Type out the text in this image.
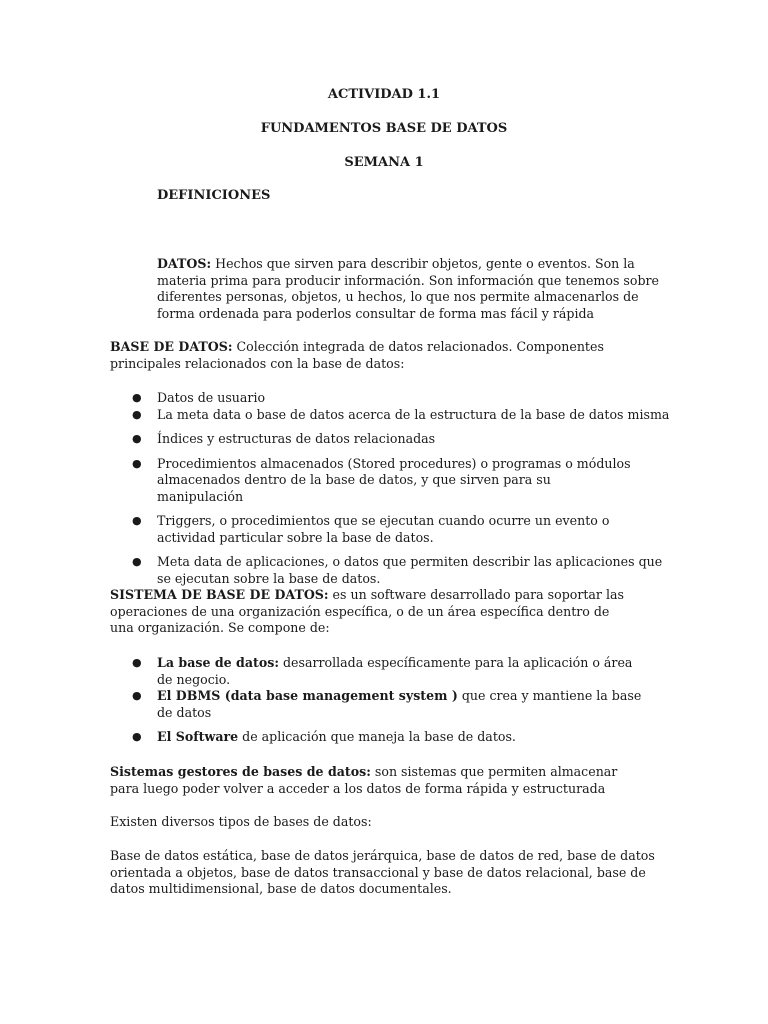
ACTIVIDAD 1.1
FUNDAMENTOS BASE DE DATOS
SEMANA 1
DEFINICIONES

DATOS: Hechos que sirven para describir objetos, gente o eventos. Son la materia prima para producir información. Son información que tenemos sobre diferentes personas, objetos, u hechos, lo que nos permite almacenarlos de forma ordenada para poderlos consultar de forma mas fácil y rápida

BASE DE DATOS: Colección integrada de datos relacionados. Componentes principales relacionados con la base de datos:

● Datos de usuario
● La meta data o base de datos acerca de la estructura de la base de datos misma
● Índices y estructuras de datos relacionadas
● Procedimientos almacenados (Stored procedures) o programas o módulos almacenados dentro de la base de datos, y que sirven para su manipulación
● Triggers, o procedimientos que se ejecutan cuando ocurre un evento o actividad particular sobre la base de datos.
● Meta data de aplicaciones, o datos que permiten describir las aplicaciones que se ejecutan sobre la base de datos.

SISTEMA DE BASE DE DATOS: es un software desarrollado para soportar las operaciones de una organización específica, o de un área específica dentro de una organización. Se compone de:

● La base de datos: desarrollada específicamente para la aplicación o área de negocio.
● El DBMS (data base management system ) que crea y mantiene la base de datos
● El Software de aplicación que maneja la base de datos.

Sistemas gestores de bases de datos: son sistemas que permiten almacenar para luego poder volver a acceder a los datos de forma rápida y estructurada

Existen diversos tipos de bases de datos:

Base de datos estática, base de datos jerárquica, base de datos de red, base de datos orientada a objetos, base de datos transaccional y base de datos relacional, base de datos multidimensional, base de datos documentales.
